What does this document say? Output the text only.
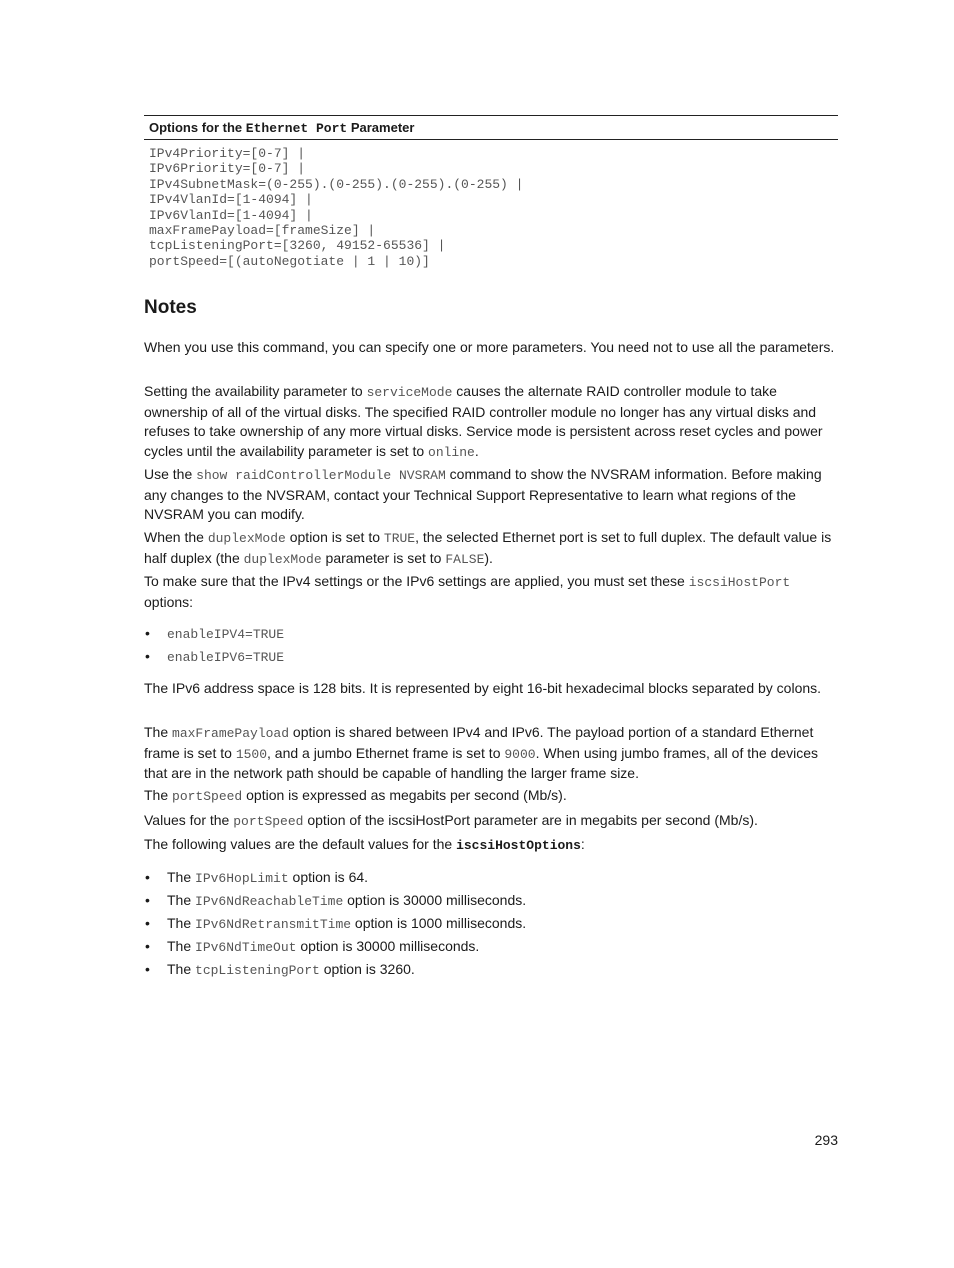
Options for the Ethernet Port Parameter
IPv4Priority=[0-7] |
IPv6Priority=[0-7] |
IPv4SubnetMask=(0-255).(0-255).(0-255).(0-255) |
IPv4VlanId=[1-4094] |
IPv6VlanId=[1-4094] |
maxFramePayload=[frameSize] |
tcpListeningPort=[3260, 49152-65536] |
portSpeed=[(autoNegotiate | 1 | 10)]
Notes

When you use this command, you can specify one or more parameters. You need not to use all the parameters.

Setting the availability parameter to serviceMode causes the alternate RAID controller module to take ownership of all of the virtual disks. The specified RAID controller module no longer has any virtual disks and refuses to take ownership of any more virtual disks. Service mode is persistent across reset cycles and power cycles until the availability parameter is set to online.

Use the show raidControllerModule NVSRAM command to show the NVSRAM information. Before making any changes to the NVSRAM, contact your Technical Support Representative to learn what regions of the NVSRAM you can modify.

When the duplexMode option is set to TRUE, the selected Ethernet port is set to full duplex. The default value is half duplex (the duplexMode parameter is set to FALSE).

To make sure that the IPv4 settings or the IPv6 settings are applied, you must set these iscsiHostPort options:

• enableIPV4=TRUE
• enableIPV6=TRUE

The IPv6 address space is 128 bits. It is represented by eight 16-bit hexadecimal blocks separated by colons.

The maxFramePayload option is shared between IPv4 and IPv6. The payload portion of a standard Ethernet frame is set to 1500, and a jumbo Ethernet frame is set to 9000. When using jumbo frames, all of the devices that are in the network path should be capable of handling the larger frame size.

The portSpeed option is expressed as megabits per second (Mb/s).

Values for the portSpeed option of the iscsiHostPort parameter are in megabits per second (Mb/s).

The following values are the default values for the iscsiHostOptions:

• The IPv6HopLimit option is 64.
• The IPv6NdReachableTime option is 30000 milliseconds.
• The IPv6NdRetransmitTime option is 1000 milliseconds.
• The IPv6NdTimeOut option is 30000 milliseconds.
• The tcpListeningPort option is 3260.
293
